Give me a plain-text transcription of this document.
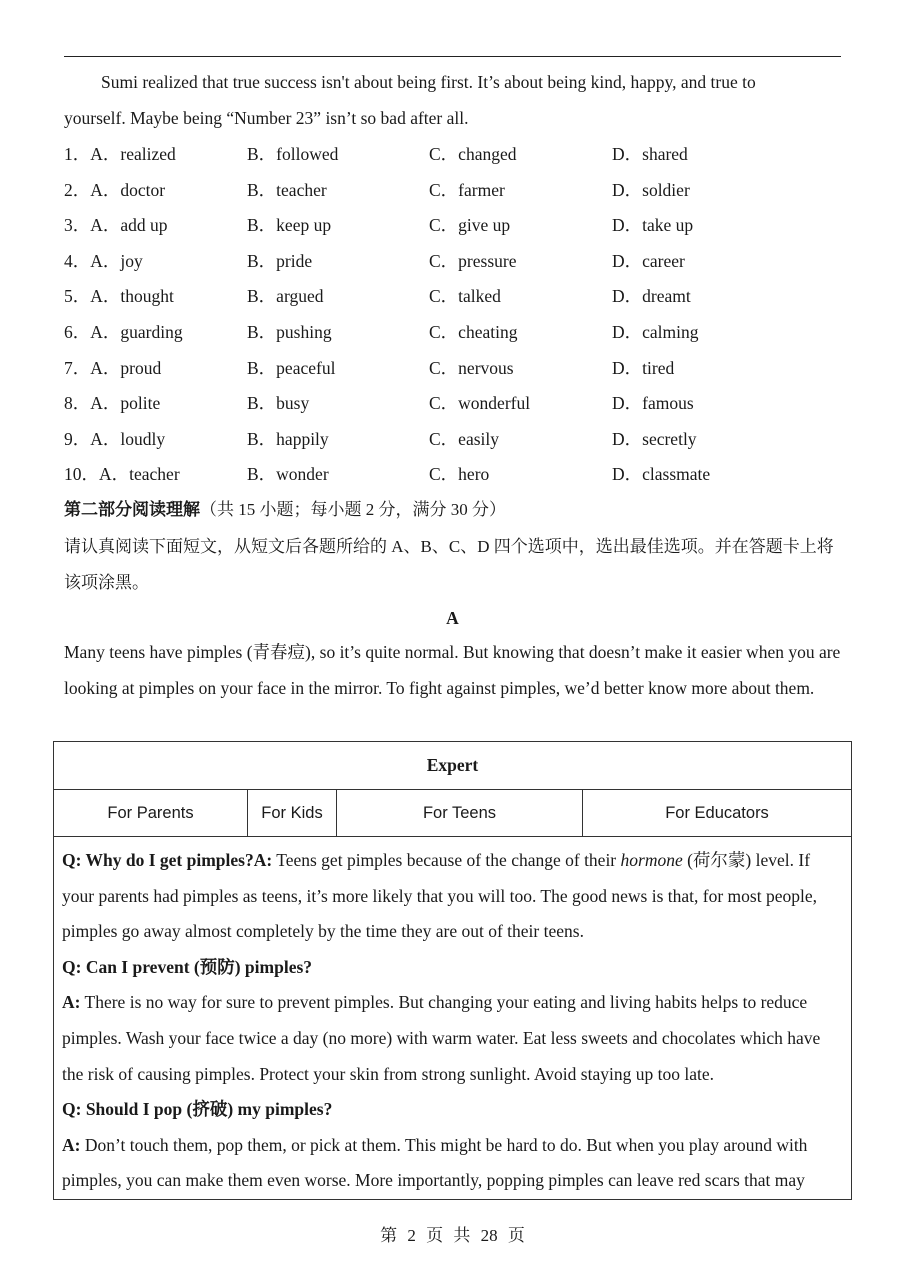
Sumi realized that true success isn't about being first. It’s about being kind, happy, and true to
yourself. Maybe being “Number 23” isn’t so bad after all.
1．A．realized	B．followed	C．changed	D．shared
2．A．doctor	B．teacher	C．farmer	D．soldier
3．A．add up	B．keep up	C．give up	D．take up
4．A．joy	B．pride	C．pressure	D．career
5．A．thought	B．argued	C．talked	D．dreamt
6．A．guarding	B．pushing	C．cheating	D．calming
7．A．proud	B．peaceful	C．nervous	D．tired
8．A．polite	B．busy	C．wonderful	D．famous
9．A．loudly	B．happily	C．easily	D．secretly
10．A．teacher	B．wonder	C．hero	D．classmate
第二部分阅读理解（共 15 小题；每小题 2 分，满分 30 分）
请认真阅读下面短文，从短文后各题所给的 A、B、C、D 四个选项中，选出最佳选项。并在答题卡上将该项涂黑。
A
Many teens have pimples (青春痘), so it’s quite normal. But knowing that doesn’t make it easier when you are looking at pimples on your face in the mirror. To fight against pimples, we’d better know more about them.
Expert
For Parents	For Kids	For Teens	For Educators

Q: Why do I get pimples?A: Teens get pimples because of the change of their hormone (荷尔蒙) level. If your parents had pimples as teens, it’s more likely that you will too. The good news is that, for most people, pimples go away almost completely by the time they are out of their teens.

Q: Can I prevent (预防) pimples?

A: There is no way for sure to prevent pimples. But changing your eating and living habits helps to reduce pimples. Wash your face twice a day (no more) with warm water. Eat less sweets and chocolates which have the risk of causing pimples. Protect your skin from strong sunlight. Avoid staying up too late.

Q: Should I pop (挤破) my pimples?

A: Don’t touch them, pop them, or pick at them. This might be hard to do. But when you play around with pimples, you can make them even worse. More importantly, popping pimples can leave red scars that may

第 2 页 共 28 页
